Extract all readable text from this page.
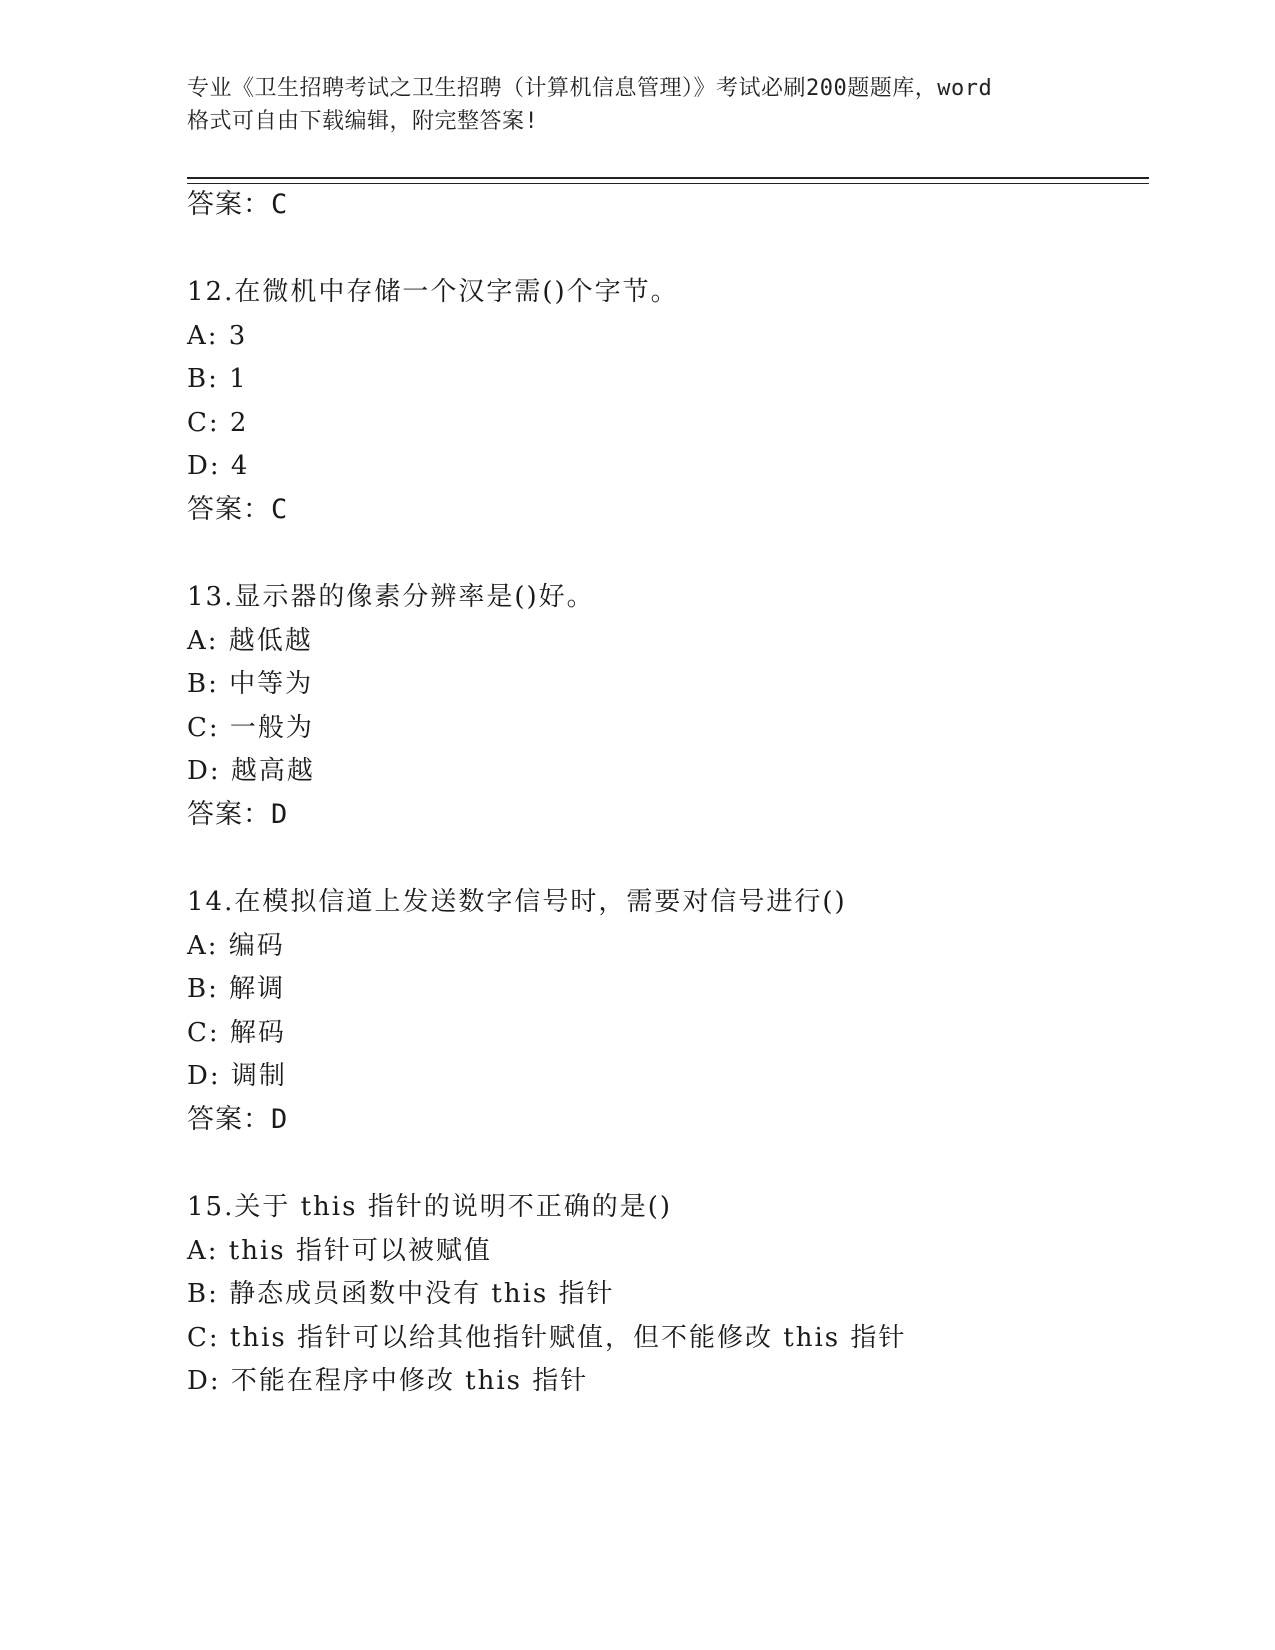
专业《卫生招聘考试之卫生招聘（计算机信息管理）》考试必刷200题题库，word
格式可自由下载编辑，附完整答案!
答案：C
12.在微机中存储一个汉字需()个字节。
A: 3
B: 1
C: 2
D: 4
答案：C
13.显示器的像素分辨率是()好。
A: 越低越
B: 中等为
C: 一般为
D: 越高越
答案：D
14.在模拟信道上发送数字信号时，需要对信号进行()
A: 编码
B: 解调
C: 解码
D: 调制
答案：D
15.关于 this 指针的说明不正确的是()
A: this 指针可以被赋值
B: 静态成员函数中没有 this 指针
C: this 指针可以给其他指针赋值，但不能修改 this 指针
D: 不能在程序中修改 this 指针
